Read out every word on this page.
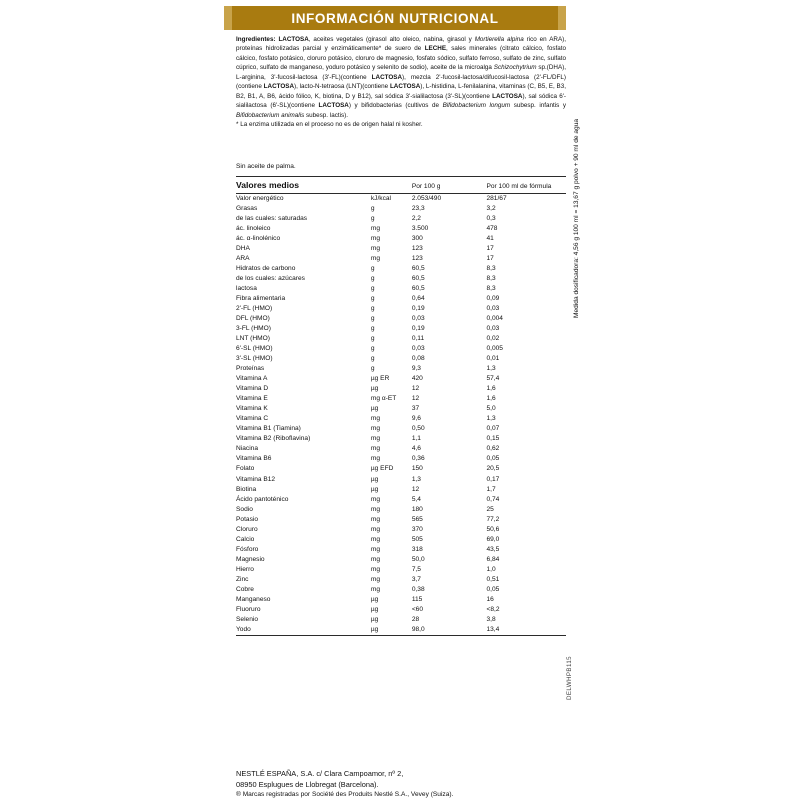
INFORMACIÓN NUTRICIONAL
Ingredientes: LACTOSA, aceites vegetales (girasol alto oleico, nabina, girasol y Mortierella alpina rico en ARA), proteínas hidrolizadas parcial y enzimáticamente* de suero de LECHE, sales minerales (citrato cálcico, fosfato cálcico, fosfato potásico, cloruro potásico, cloruro de magnesio, fosfato sódico, sulfato ferroso, sulfato de zinc, sulfato cúprico, sulfato de manganeso, yoduro potásico y selenito de sodio), aceite de la microalga Schizochytrium sp.(DHA), L-arginina, 3'-fucosil-lactosa (3'-FL)(contiene LACTOSA), mezcla 2'-fucosil-lactosa/difucosil-lactosa (2'-FL/DFL)(contiene LACTOSA), lacto-N-tetraosa (LNT)(contiene LACTOSA), L-histidina, L-fenilalanina, vitaminas (C, B5, E, B3, B2, B1, A, B6, ácido fólico, K, biotina, D y B12), sal sódica 3'-sialilactosa (3'-SL)(contiene LACTOSA), sal sódica 6'-sialilactosa (6'-SL)(contiene LACTOSA) y bifidobacterias (cultivos de Bifidobacterium longum subesp. infantis y Bifidobacterium animalis subesp. lactis).
* La enzima utilizada en el proceso no es de origen halal ni kosher.
Sin aceite de palma.
Valores medios		Por 100 g	Por 100 ml de fórmula
Valor energético	kJ/kcal	2.053/490	281/67
Grasas	g	23,3	3,2
de las cuales: saturadas	g	2,2	0,3
ác. linoleico	mg	3.500	478
ác. α-linolénico	mg	300	41
DHA	mg	123	17
ARA	mg	123	17
Hidratos de carbono	g	60,5	8,3
de los cuales: azúcares	g	60,5	8,3
lactosa	g	60,5	8,3
Fibra alimentaria	g	0,64	0,09
2'-FL (HMO)	g	0,19	0,03
DFL (HMO)	g	0,03	0,004
3-FL (HMO)	g	0,19	0,03
LNT (HMO)	g	0,11	0,02
6'-SL (HMO)	g	0,03	0,005
3'-SL (HMO)	g	0,08	0,01
Proteínas	g	9,3	1,3
Vitamina A	µg ER	420	57,4
Vitamina D	µg	12	1,6
Vitamina E	mg α-ET	12	1,6
Vitamina K	µg	37	5,0
Vitamina C	mg	9,6	1,3
Vitamina B1 (Tiamina)	mg	0,50	0,07
Vitamina B2 (Riboflavina)	mg	1,1	0,15
Niacina	mg	4,6	0,62
Vitamina B6	mg	0,36	0,05
Folato	µg EFD	150	20,5
Vitamina B12	µg	1,3	0,17
Biotina	µg	12	1,7
Ácido pantoténico	mg	5,4	0,74
Sodio	mg	180	25
Potasio	mg	565	77,2
Cloruro	mg	370	50,6
Calcio	mg	505	69,0
Fósforo	mg	318	43,5
Magnesio	mg	50,0	6,84
Hierro	mg	7,5	1,0
Zinc	mg	3,7	0,51
Cobre	mg	0,38	0,05
Manganeso	µg	115	16
Fluoruro	µg	<60	<8,2
Selenio	µg	28	3,8
Yodo	µg	98,0	13,4
Medida dosificadora: 4,56 g 100 ml = 13,67 g polvo + 90 ml de agua
DELWHPB115
NESTLÉ ESPAÑA, S.A. c/ Clara Campoamor, nº 2,
08950 Esplugues de Llobregat (Barcelona).
® Marcas registradas por Société des Produits Nestlé S.A., Vevey (Suiza).
